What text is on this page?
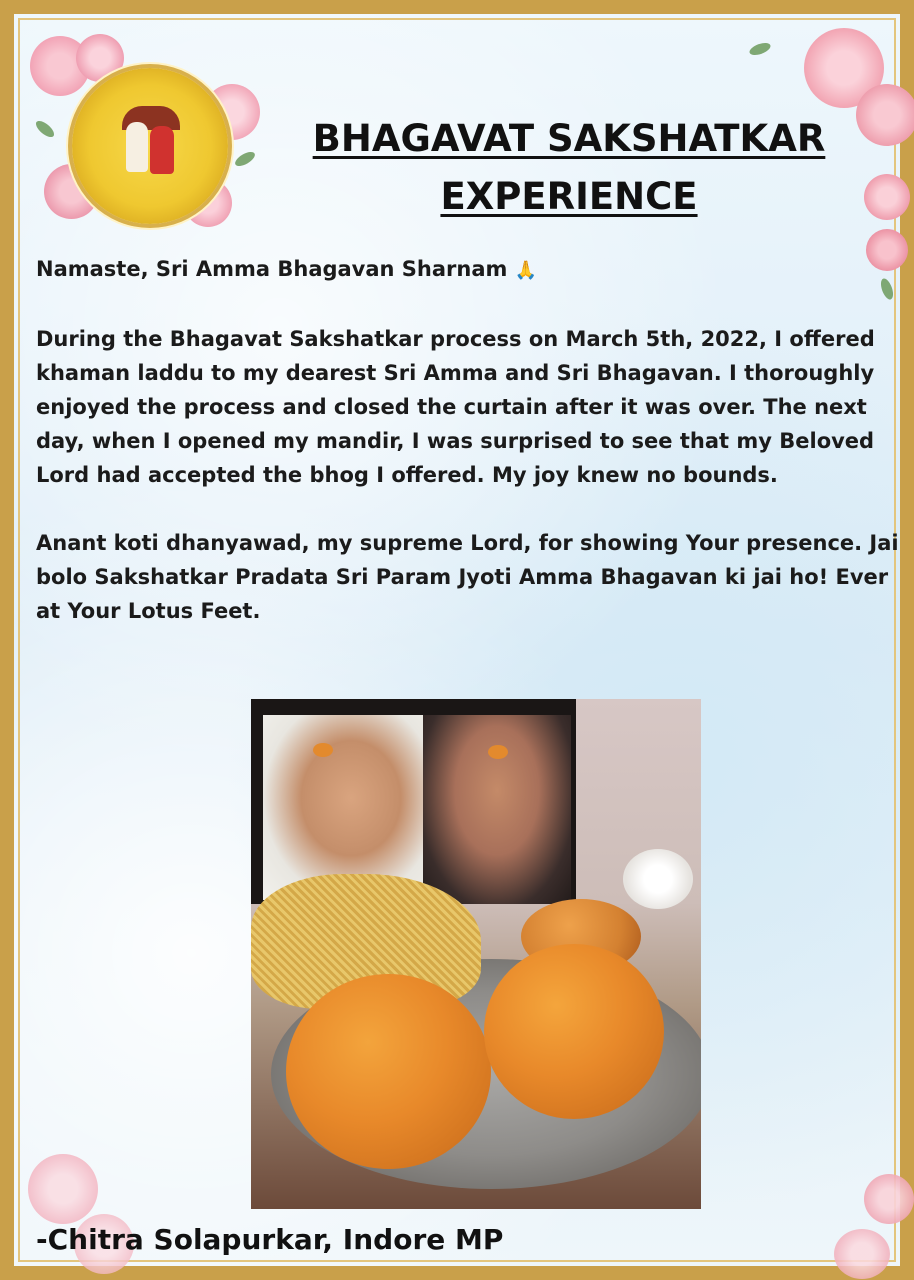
BHAGAVAT SAKSHATKAR
EXPERIENCE

Namaste, Sri Amma Bhagavan Sharnam 🙏

During the Bhagavat Sakshatkar process on March 5th, 2022, I offered khaman laddu to my dearest Sri Amma and Sri Bhagavan. I thoroughly enjoyed the process and closed the curtain after it was over. The next day, when I opened my mandir, I was surprised to see that my Beloved Lord had accepted the bhog I offered. My joy knew no bounds.

Anant koti dhanyawad, my supreme Lord, for showing Your presence. Jai bolo Sakshatkar Pradata Sri Param Jyoti Amma Bhagavan ki jai ho! Ever at Your Lotus Feet.

-Chitra Solapurkar, Indore MP
